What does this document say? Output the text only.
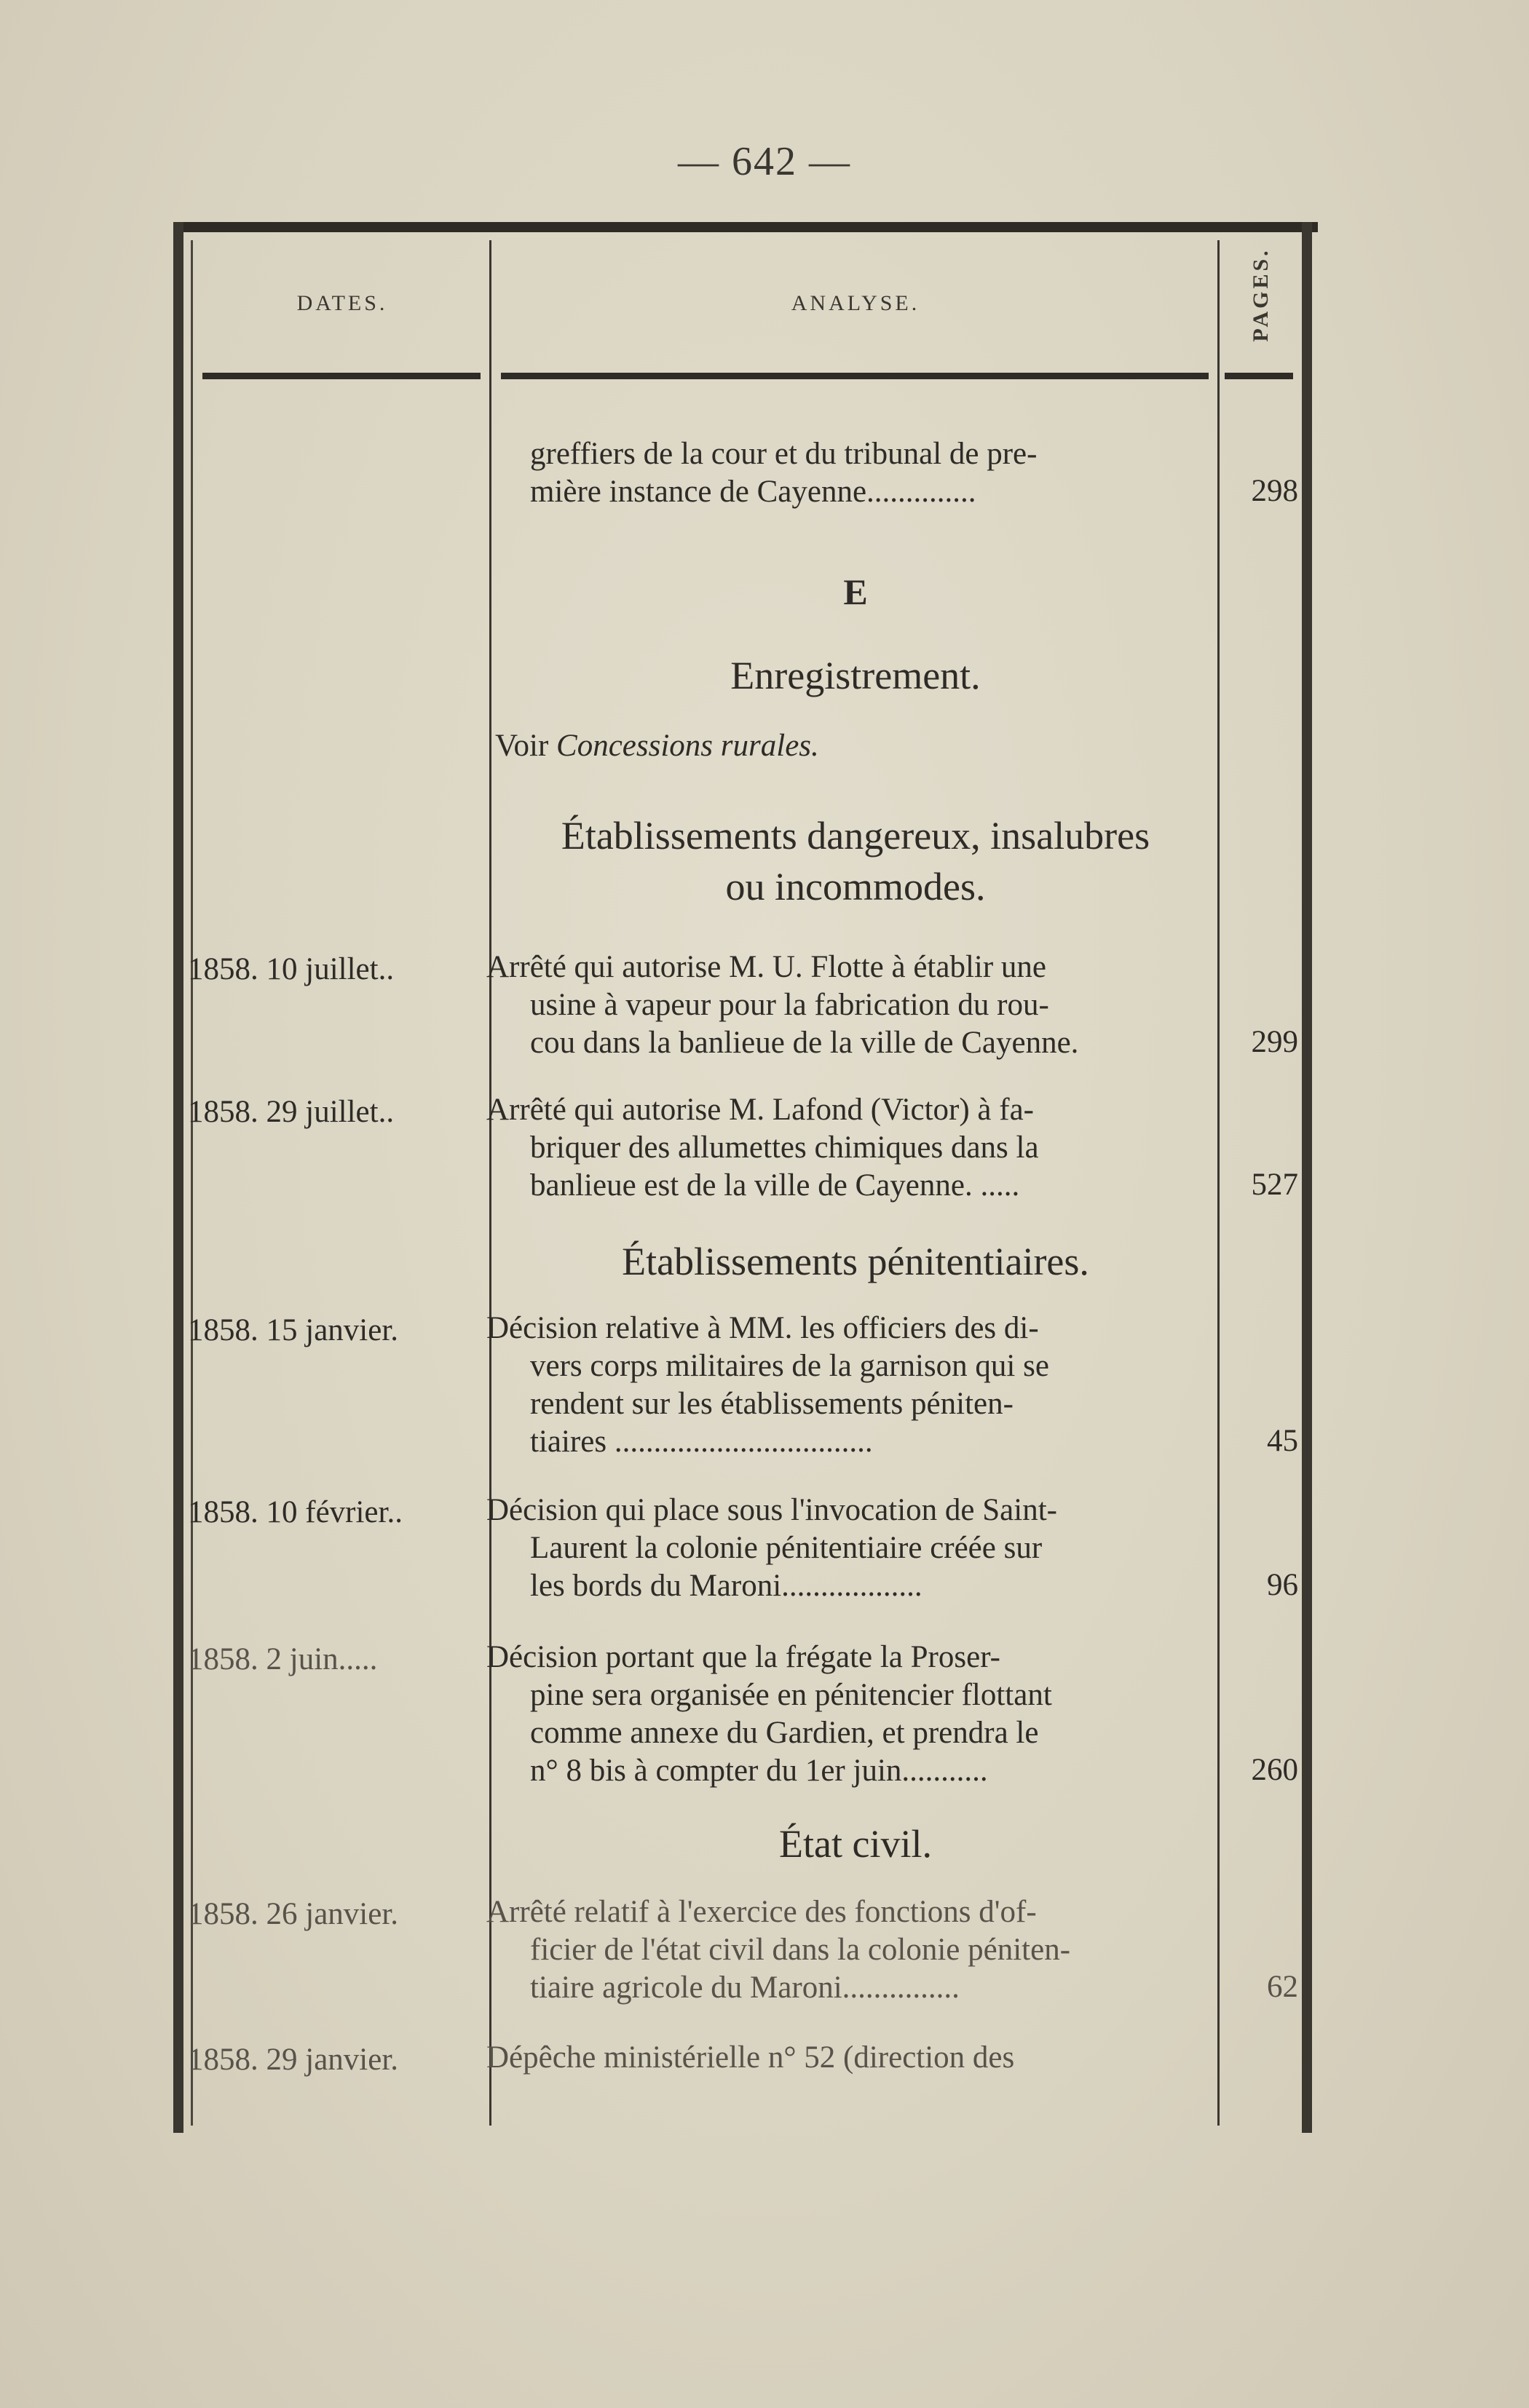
— 642 —
DATES.	ANALYSE.	PAGES.
greffiers de la cour et du tribunal de pre-
mière instance de Cayenne..............	298
E
Enregistrement.
Voir Concessions rurales.
Établissements dangereux, insalubres
ou incommodes.
1858. 10 juillet..	Arrêté qui autorise M. U. Flotte à établir une
usine à vapeur pour la fabrication du rou-
cou dans la banlieue de la ville de Cayenne.	299
1858. 29 juillet..	Arrêté qui autorise M. Lafond (Victor) à fa-
briquer des allumettes chimiques dans la
banlieue est de la ville de Cayenne. .....	527
Établissements pénitentiaires.
1858. 15 janvier.	Décision relative à MM. les officiers des di-
vers corps militaires de la garnison qui se
rendent sur les établissements péniten-
tiaires .................................	45
1858. 10 février..	Décision qui place sous l'invocation de Saint-
Laurent la colonie pénitentiaire créée sur
les bords du Maroni..................	96
1858. 2 juin.....	Décision portant que la frégate la Proser-
pine sera organisée en pénitencier flottant
comme annexe du Gardien, et prendra le
n° 8 bis à compter du 1er juin...........	260
État civil.
1858. 26 janvier.	Arrêté relatif à l'exercice des fonctions d'of-
ficier de l'état civil dans la colonie péniten-
tiaire agricole du Maroni...............	62
1858. 29 janvier.	Dépêche ministérielle n° 52 (direction des
